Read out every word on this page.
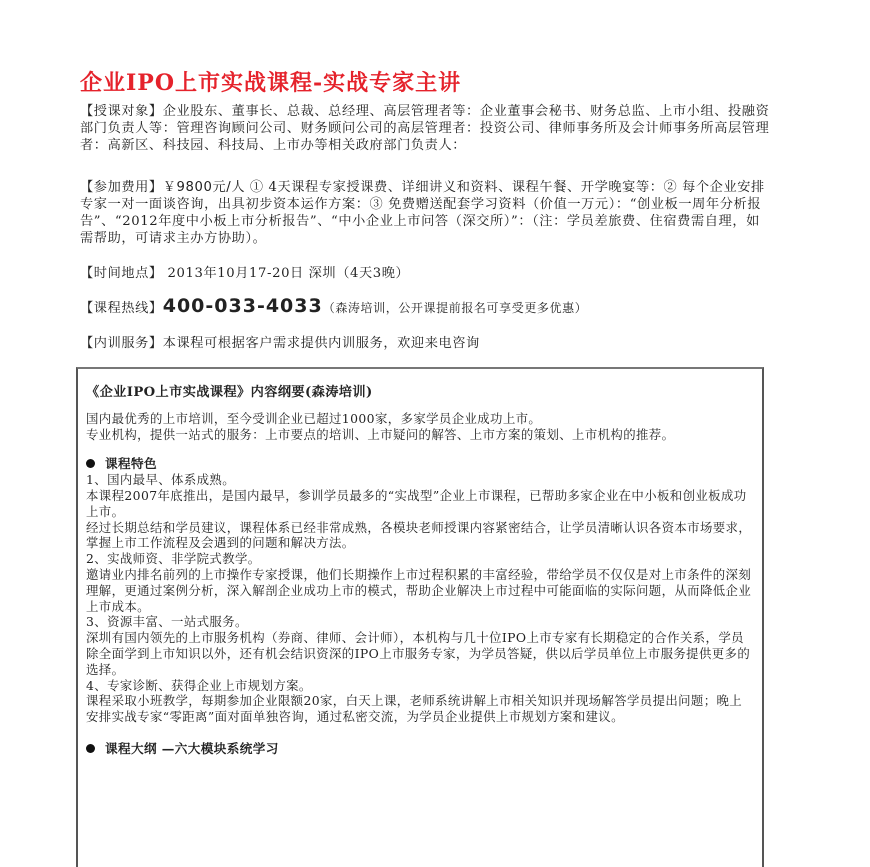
企业IPO上市实战课程-实战专家主讲
【授课对象】企业股东、董事长、总裁、总经理、高层管理者等：企业董事会秘书、财务总监、上市小组、投融资部门负责人等：管理咨询顾问公司、财务顾问公司的高层管理者：投资公司、律师事务所及会计师事务所高层管理者：高新区、科技园、科技局、上市办等相关政府部门负责人：
【参加费用】￥9800元/人 ① 4天课程专家授课费、详细讲义和资料、课程午餐、开学晚宴等：② 每个企业安排专家一对一面谈咨询，出具初步资本运作方案：③ 免费赠送配套学习资料（价值一万元）：“创业板一周年分析报告”、“2012年度中小板上市分析报告”、“中小企业上市问答（深交所）”：（注：学员差旅费、住宿费需自理，如需帮助，可请求主办方协助）。
【时间地点】 2013年10月17-20日 深圳（4天3晚）
【课程热线】400-033-4033（森涛培训，公开课提前报名可享受更多优惠）
【内训服务】本课程可根据客户需求提供内训服务，欢迎来电咨询
《企业IPO上市实战课程》内容纲要(森涛培训)
国内最优秀的上市培训，至今受训企业已超过1000家，多家学员企业成功上市。
专业机构，提供一站式的服务：上市要点的培训、上市疑问的解答、上市方案的策划、上市机构的推荐。
课程特色
1、国内最早、体系成熟。
本课程2007年底推出，是国内最早，参训学员最多的“实战型”企业上市课程，已帮助多家企业在中小板和创业板成功上市。
经过长期总结和学员建议，课程体系已经非常成熟，各模块老师授课内容紧密结合，让学员清晰认识各资本市场要求，掌握上市工作流程及会遇到的问题和解决方法。
2、实战师资、非学院式教学。
邀请业内排名前列的上市操作专家授课，他们长期操作上市过程积累的丰富经验，带给学员不仅仅是对上市条件的深刻理解，更通过案例分析，深入解剖企业成功上市的模式，帮助企业解决上市过程中可能面临的实际问题，从而降低企业上市成本。
3、资源丰富、一站式服务。
深圳有国内领先的上市服务机构（券商、律师、会计师），本机构与几十位IPO上市专家有长期稳定的合作关系，学员除全面学到上市知识以外，还有机会结识资深的IPO上市服务专家，为学员答疑，供以后学员单位上市服务提供更多的选择。
4、专家诊断、获得企业上市规划方案。
课程采取小班教学，每期参加企业限额20家，白天上课，老师系统讲解上市相关知识并现场解答学员提出问题；晚上安排实战专家“零距离”面对面单独咨询，通过私密交流，为学员企业提供上市规划方案和建议。
课程大纲 —六大模块系统学习
